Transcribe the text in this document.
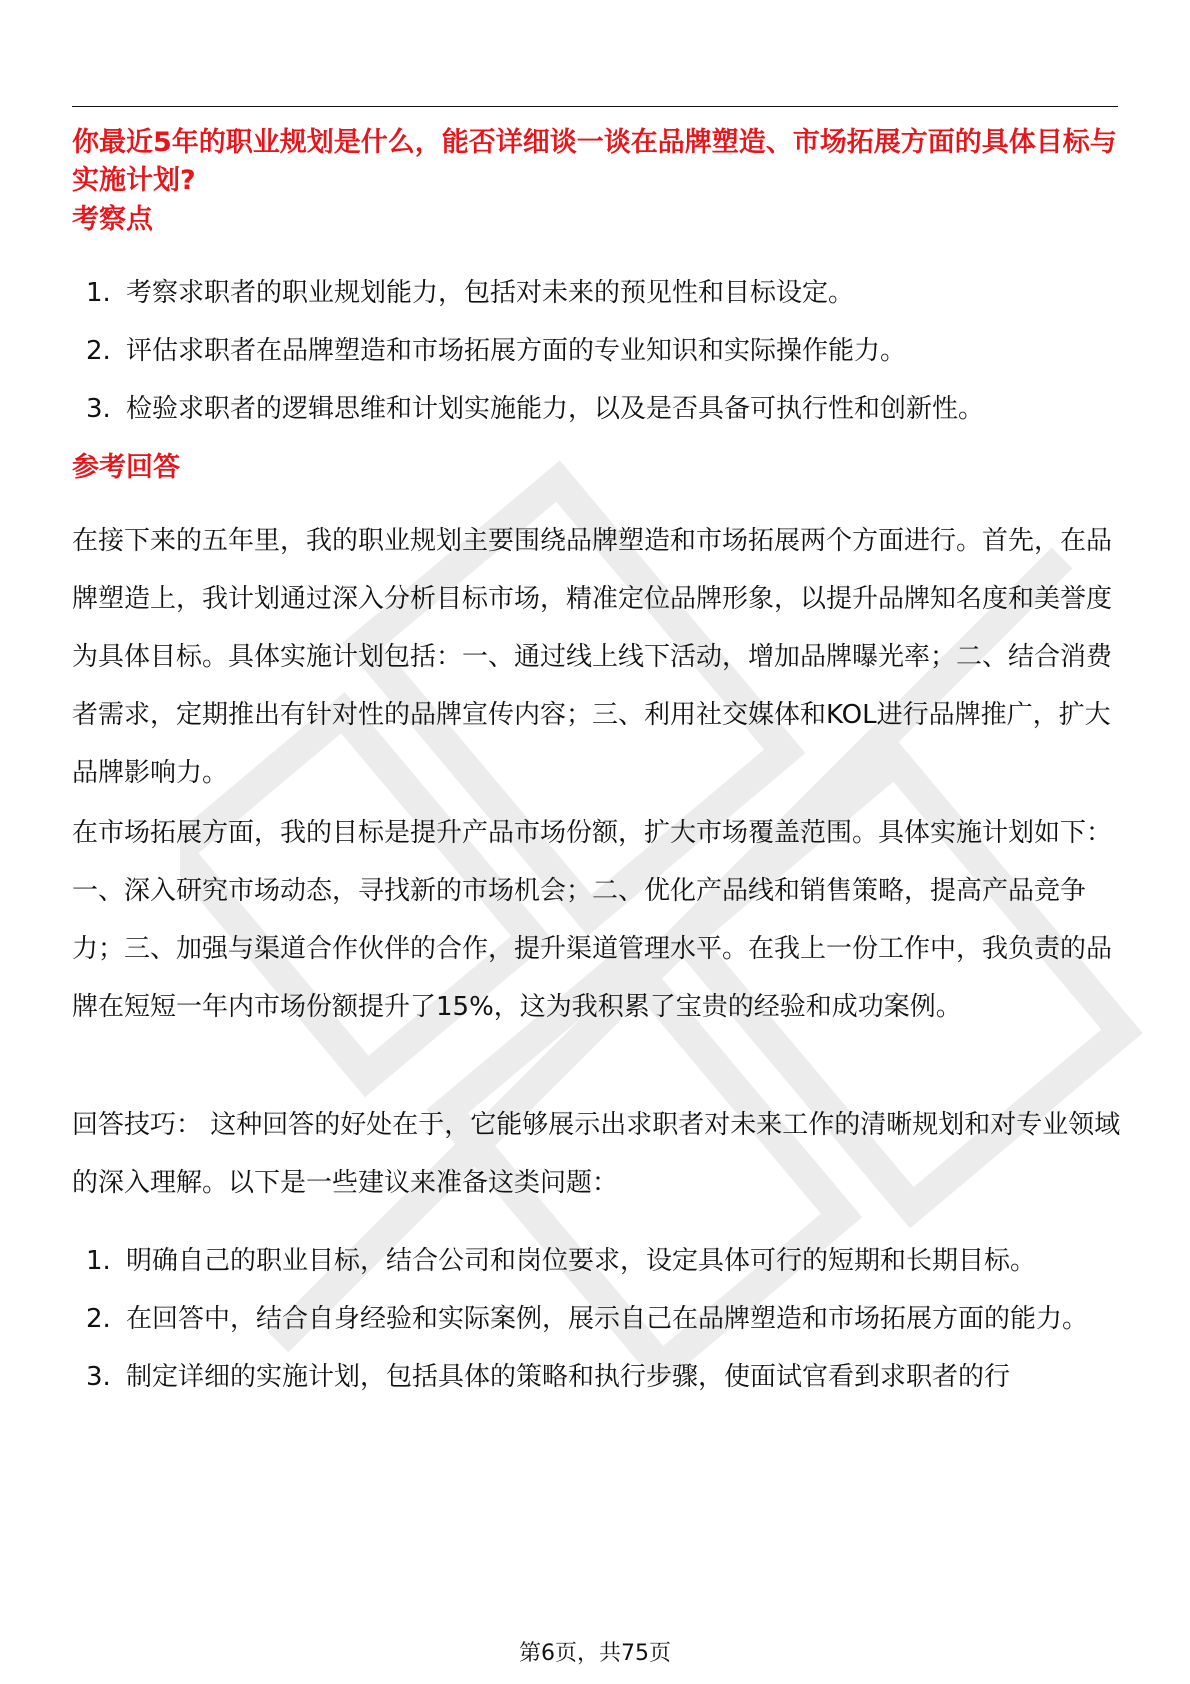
你最近5年的职业规划是什么，能否详细谈一谈在品牌塑造、市场拓展方面的具体目标与实施计划?
考察点
1. 考察求职者的职业规划能力，包括对未来的预见性和目标设定。
2. 评估求职者在品牌塑造和市场拓展方面的专业知识和实际操作能力。
3. 检验求职者的逻辑思维和计划实施能力，以及是否具备可执行性和创新性。
参考回答

在接下来的五年里，我的职业规划主要围绕品牌塑造和市场拓展两个方面进行。首先，在品牌塑造上，我计划通过深入分析目标市场，精准定位品牌形象，以提升品牌知名度和美誉度为具体目标。具体实施计划包括：一、通过线上线下活动，增加品牌曝光率；二、结合消费者需求，定期推出有针对性的品牌宣传内容；三、利用社交媒体和KOL进行品牌推广，扩大品牌影响力。

在市场拓展方面，我的目标是提升产品市场份额，扩大市场覆盖范围。具体实施计划如下：一、深入研究市场动态，寻找新的市场机会；二、优化产品线和销售策略，提高产品竞争力；三、加强与渠道合作伙伴的合作，提升渠道管理水平。在我上一份工作中，我负责的品牌在短短一年内市场份额提升了15%，这为我积累了宝贵的经验和成功案例。

回答技巧： 这种回答的好处在于，它能够展示出求职者对未来工作的清晰规划和对专业领域的深入理解。以下是一些建议来准备这类问题：

1. 明确自己的职业目标，结合公司和岗位要求，设定具体可行的短期和长期目标。
2. 在回答中，结合自身经验和实际案例，展示自己在品牌塑造和市场拓展方面的能力。
3. 制定详细的实施计划，包括具体的策略和执行步骤，使面试官看到求职者的行
第6页，共75页
